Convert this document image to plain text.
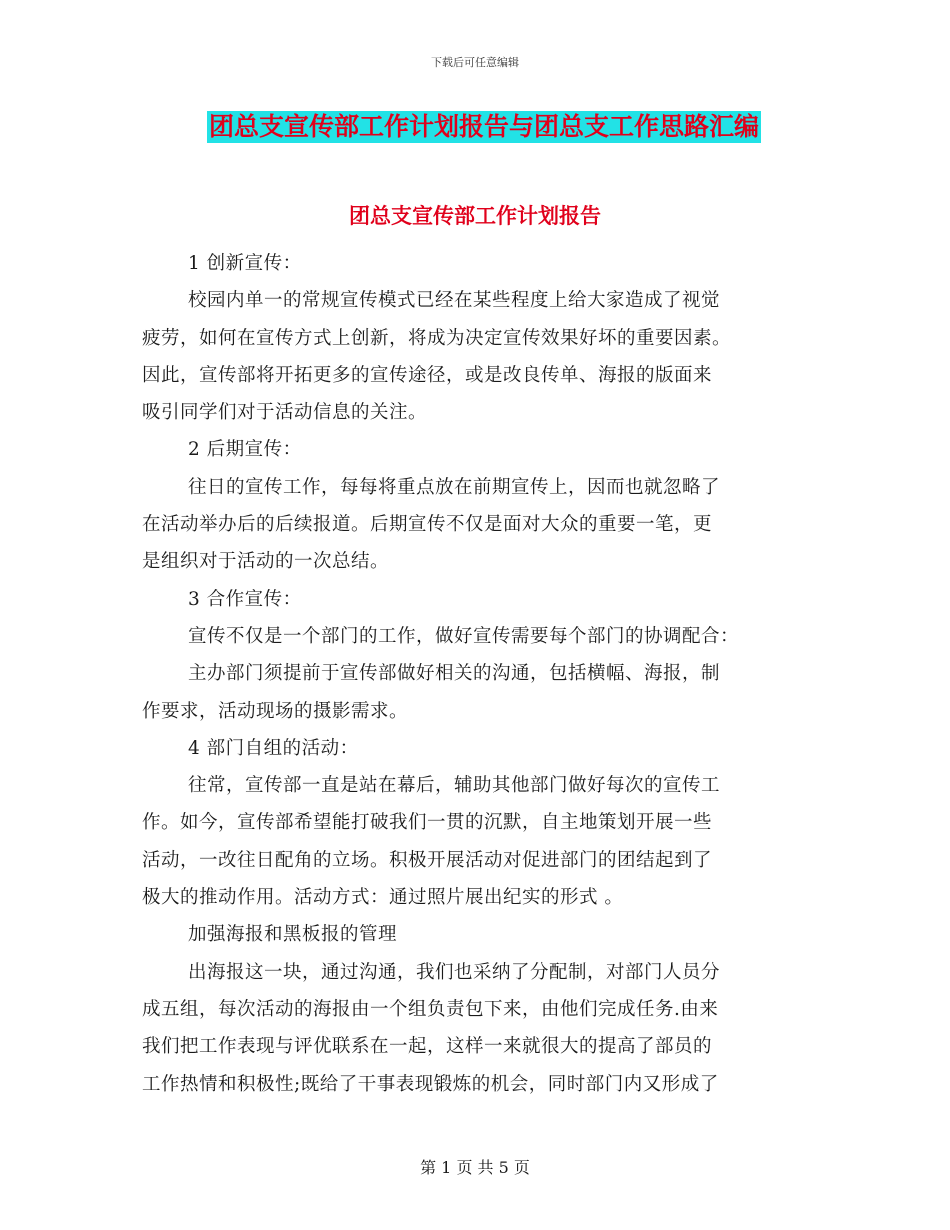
下载后可任意编辑
团总支宣传部工作计划报告与团总支工作思路汇编
团总支宣传部工作计划报告

1 创新宣传：

校园内单一的常规宣传模式已经在某些程度上给大家造成了视觉

疲劳，如何在宣传方式上创新，将成为决定宣传效果好坏的重要因素。

因此，宣传部将开拓更多的宣传途径，或是改良传单、海报的版面来

吸引同学们对于活动信息的关注。

2 后期宣传：

往日的宣传工作，每每将重点放在前期宣传上，因而也就忽略了

在活动举办后的后续报道。后期宣传不仅是面对大众的重要一笔，更

是组织对于活动的一次总结。

3 合作宣传：

宣传不仅是一个部门的工作，做好宣传需要每个部门的协调配合：

主办部门须提前于宣传部做好相关的沟通，包括横幅、海报，制

作要求，活动现场的摄影需求。

4 部门自组的活动：

往常，宣传部一直是站在幕后，辅助其他部门做好每次的宣传工

作。如今，宣传部希望能打破我们一贯的沉默，自主地策划开展一些

活动，一改往日配角的立场。积极开展活动对促进部门的团结起到了

极大的推动作用。活动方式：通过照片展出纪实的形式 。

加强海报和黑板报的管理

出海报这一块，通过沟通，我们也采纳了分配制，对部门人员分

成五组，每次活动的海报由一个组负责包下来，由他们完成任务.由来

我们把工作表现与评优联系在一起，这样一来就很大的提高了部员的

工作热情和积极性;既给了干事表现锻炼的机会，同时部门内又形成了

第 1 页 共 5 页
